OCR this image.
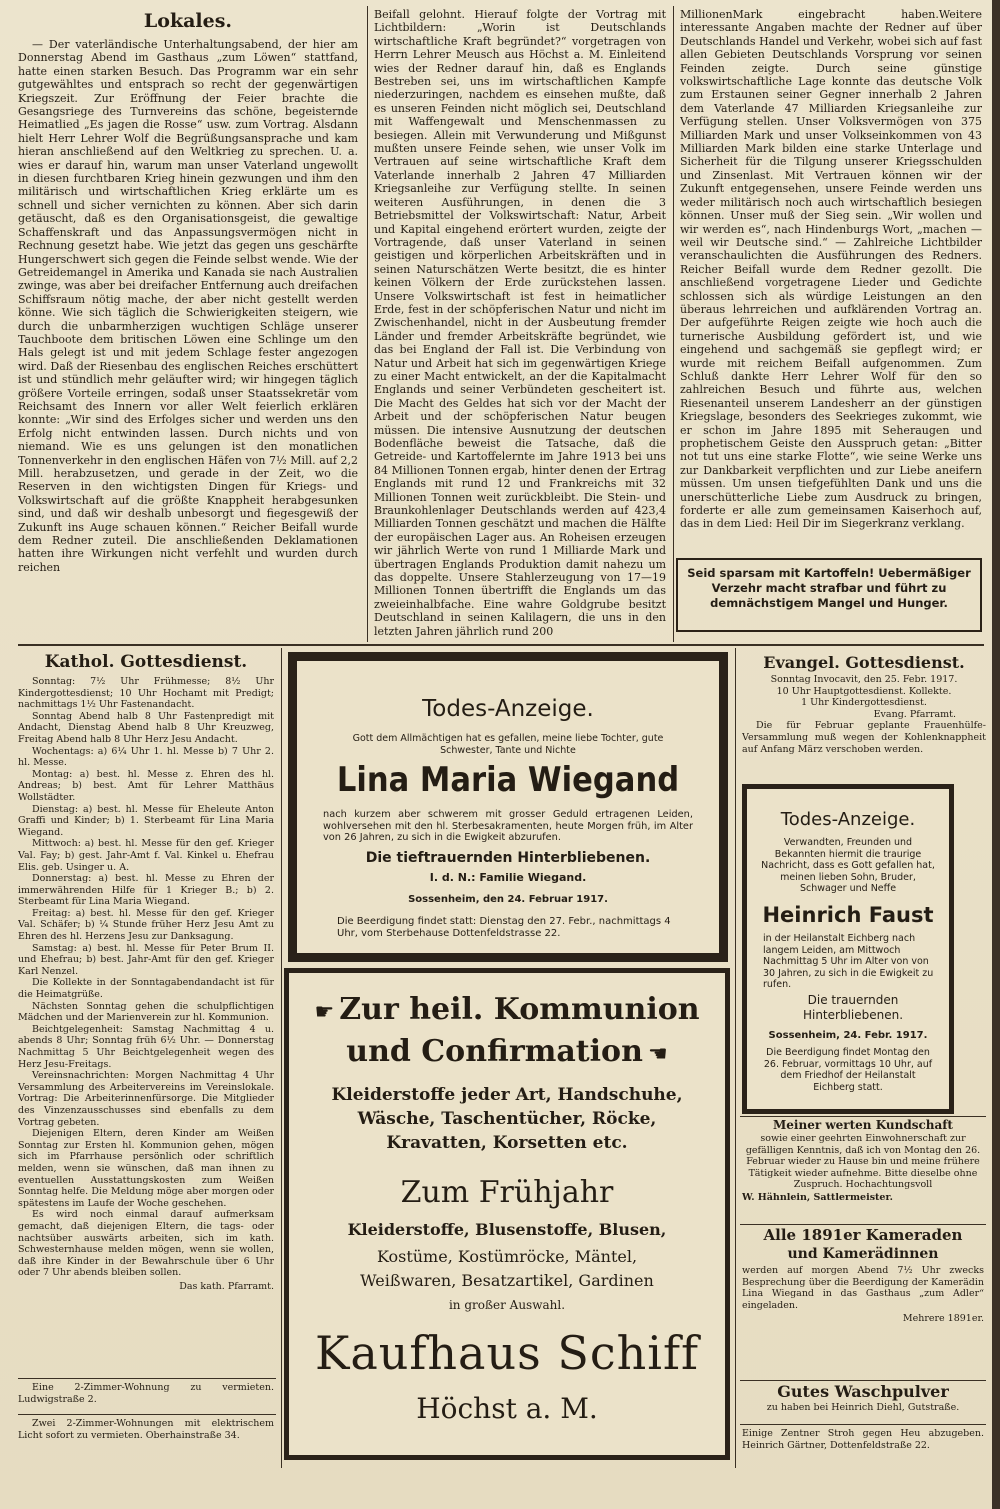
Lokales.

— Der vaterländische Unterhaltungsabend, der hier am Donnerstag Abend im Gasthaus „zum Löwen“ stattfand, hatte einen starken Besuch. Das Programm war ein sehr gutgewähltes und entsprach so recht der gegenwärtigen Kriegszeit. Zur Eröffnung der Feier brachte die Gesangsriege des Turnvereins das schöne, begeisternde Heimatlied „Es jagen die Rosse“ usw. zum Vortrag. Alsdann hielt Herr Lehrer Wolf die Begrüßungsansprache und kam hieran anschließend auf den Weltkrieg zu sprechen. U. a. wies er darauf hin, warum man unser Vaterland ungewollt in diesen furchtbaren Krieg hinein gezwungen und ihm den militärisch und wirtschaftlichen Krieg erklärte um es schnell und sicher vernichten zu können. Aber sich darin getäuscht, daß es den Organisationsgeist, die gewaltige Schaffenskraft und das Anpassungsvermögen nicht in Rechnung gesetzt habe. Wie jetzt das gegen uns geschärfte Hungerschwert sich gegen die Feinde selbst wende. Wie der Getreidemangel in Amerika und Kanada sie nach Australien zwinge, was aber bei dreifacher Entfernung auch dreifachen Schiffsraum nötig mache, der aber nicht gestellt werden könne. Wie sich täglich die Schwierigkeiten steigern, wie durch die unbarmherzigen wuchtigen Schläge unserer Tauchboote dem britischen Löwen eine Schlinge um den Hals gelegt ist und mit jedem Schlage fester angezogen wird. Daß der Riesenbau des englischen Reiches erschüttert ist und stündlich mehr geläufter wird; wir hingegen täglich größere Vorteile erringen, sodaß unser Staatssekretär vom Reichsamt des Innern vor aller Welt feierlich erklären konnte: „Wir sind des Erfolges sicher und werden uns den Erfolg nicht entwinden lassen. Durch nichts und von niemand. Wie es uns gelungen ist den monatlichen Tonnenverkehr in den englischen Häfen von 7½ Mill. auf 2,2 Mill. herabzusetzen, und gerade in der Zeit, wo die Reserven in den wichtigsten Dingen für Kriegs- und Volkswirtschaft auf die größte Knappheit herabgesunken sind, und daß wir deshalb unbesorgt und fiegesgewiß der Zukunft ins Auge schauen können.“ Reicher Beifall wurde dem Redner zuteil. Die anschließenden Deklamationen hatten ihre Wirkungen nicht verfehlt und wurden durch reichen

Beifall gelohnt. Hierauf folgte der Vortrag mit Lichtbildern: „Worin ist Deutschlands wirtschaftliche Kraft begründet?“ vorgetragen von Herrn Lehrer Meusch aus Höchst a. M. Einleitend wies der Redner darauf hin, daß es Englands Bestreben sei, uns im wirtschaftlichen Kampfe niederzuringen, nachdem es einsehen mußte, daß es unseren Feinden nicht möglich sei, Deutschland mit Waffengewalt und Menschenmassen zu besiegen. Allein mit Verwunderung und Mißgunst mußten unsere Feinde sehen, wie unser Volk im Vertrauen auf seine wirtschaftliche Kraft dem Vaterlande innerhalb 2 Jahren 47 Milliarden Kriegsanleihe zur Verfügung stellte. In seinen weiteren Ausführungen, in denen die 3 Betriebsmittel der Volkswirtschaft: Natur, Arbeit und Kapital eingehend erörtert wurden, zeigte der Vortragende, daß unser Vaterland in seinen geistigen und körperlichen Arbeitskräften und in seinen Naturschätzen Werte besitzt, die es hinter keinen Völkern der Erde zurückstehen lassen. Unsere Volkswirtschaft ist fest in heimatlicher Erde, fest in der schöpferischen Natur und nicht im Zwischenhandel, nicht in der Ausbeutung fremder Länder und fremder Arbeitskräfte begründet, wie das bei England der Fall ist. Die Verbindung von Natur und Arbeit hat sich im gegenwärtigen Kriege zu einer Macht entwickelt, an der die Kapitalmacht Englands und seiner Verbündeten gescheitert ist. Die Macht des Geldes hat sich vor der Macht der Arbeit und der schöpferischen Natur beugen müssen. Die intensive Ausnutzung der deutschen Bodenfläche beweist die Tatsache, daß die Getreide- und Kartoffelernte im Jahre 1913 bei uns 84 Millionen Tonnen ergab, hinter denen der Ertrag Englands mit rund 12 und Frankreichs mit 32 Millionen Tonnen weit zurückbleibt. Die Stein- und Braunkohlenlager Deutschlands werden auf 423,4 Milliarden Tonnen geschätzt und machen die Hälfte der europäischen Lager aus. An Roheisen erzeugen wir jährlich Werte von rund 1 Milliarde Mark und übertragen Englands Produktion damit nahezu um das doppelte. Unsere Stahlerzeugung von 17—19 Millionen Tonnen übertrifft die Englands um das zweieinhalbfache. Eine wahre Goldgrube besitzt Deutschland in seinen Kalilagern, die uns in den letzten Jahren jährlich rund 200

MillionenMark eingebracht haben.Weitere interessante Angaben machte der Redner auf über Deutschlands Handel und Verkehr, wobei sich auf fast allen Gebieten Deutschlands Vorsprung vor seinen Feinden zeigte. Durch seine günstige volkswirtschaftliche Lage konnte das deutsche Volk zum Erstaunen seiner Gegner innerhalb 2 Jahren dem Vaterlande 47 Milliarden Kriegsanleihe zur Verfügung stellen. Unser Volksvermögen von 375 Milliarden Mark und unser Volkseinkommen von 43 Milliarden Mark bilden eine starke Unterlage und Sicherheit für die Tilgung unserer Kriegsschulden und Zinsenlast. Mit Vertrauen können wir der Zukunft entgegensehen, unsere Feinde werden uns weder militärisch noch auch wirtschaftlich besiegen können. Unser muß der Sieg sein. „Wir wollen und wir werden es“, nach Hindenburgs Wort, „machen — weil wir Deutsche sind.“ — Zahlreiche Lichtbilder veranschaulichten die Ausführungen des Redners. Reicher Beifall wurde dem Redner gezollt. Die anschließend vorgetragene Lieder und Gedichte schlossen sich als würdige Leistungen an den überaus lehrreichen und aufklärenden Vortrag an. Der aufgeführte Reigen zeigte wie hoch auch die turnerische Ausbildung gefördert ist, und wie eingehend und sachgemäß sie gepflegt wird; er wurde mit reichem Beifall aufgenommen. Zum Schluß dankte Herr Lehrer Wolf für den so zahlreichen Besuch und führte aus, welchen Riesenanteil unserem Landesherr an der günstigen Kriegslage, besonders des Seekrieges zukommt, wie er schon im Jahre 1895 mit Seheraugen und prophetischem Geiste den Ausspruch getan: „Bitter not tut uns eine starke Flotte“, wie seine Werke uns zur Dankbarkeit verpflichten und zur Liebe aneifern müssen. Um unsen tiefgefühlten Dank und uns die unerschütterliche Liebe zum Ausdruck zu bringen, forderte er alle zum gemeinsamen Kaiserhoch auf, das in dem Lied: Heil Dir im Siegerkranz verklang.

Seid sparsam mit Kartoffeln! Uebermäßiger Verzehr macht strafbar und führt zu demnächstigem Mangel und Hunger.

Kathol. Gottesdienst.

Sonntag: 7½ Uhr Frühmesse; 8½ Uhr Kindergottesdienst; 10 Uhr Hochamt mit Predigt; nachmittags 1½ Uhr Fastenandacht.

Sonntag Abend halb 8 Uhr Fastenpredigt mit Andacht, Dienstag Abend halb 8 Uhr Kreuzweg, Freitag Abend halb 8 Uhr Herz Jesu Andacht.

Wochentags: a) 6¼ Uhr 1. hl. Messe b) 7 Uhr 2. hl. Messe.

Montag: a) best. hl. Messe z. Ehren des hl. Andreas; b) best. Amt für Lehrer Matthäus Wollstädter.

Dienstag: a) best. hl. Messe für Eheleute Anton Graffi und Kinder; b) 1. Sterbeamt für Lina Maria Wiegand.

Mittwoch: a) best. hl. Messe für den gef. Krieger Val. Fay; b) gest. Jahr-Amt f. Val. Kinkel u. Ehefrau Elis. geb. Usinger u. A.

Donnerstag: a) best. hl. Messe zu Ehren der immerwährenden Hilfe für 1 Krieger B.; b) 2. Sterbeamt für Lina Maria Wiegand.

Freitag: a) best. hl. Messe für den gef. Krieger Val. Schäfer; b) ¼ Stunde früher Herz Jesu Amt zu Ehren des hl. Herzens Jesu zur Danksagung.

Samstag: a) best. hl. Messe für Peter Brum II. und Ehefrau; b) best. Jahr-Amt für den gef. Krieger Karl Nenzel.

Die Kollekte in der Sonntagabendandacht ist für die Heimatgrüße.

Nächsten Sonntag gehen die schulpflichtigen Mädchen und der Marienverein zur hl. Kommunion.

Beichtgelegenheit: Samstag Nachmittag 4 u. abends 8 Uhr; Sonntag früh 6½ Uhr. — Donnerstag Nachmittag 5 Uhr Beichtgelegenheit wegen des Herz Jesu-Freitags.

Vereinsnachrichten: Morgen Nachmittag 4 Uhr Versammlung des Arbeitervereins im Vereinslokale. Vortrag: Die Arbeiterinnenfürsorge. Die Mitglieder des Vinzenzausschusses sind ebenfalls zu dem Vortrag gebeten.

Diejenigen Eltern, deren Kinder am Weißen Sonntag zur Ersten hl. Kommunion gehen, mögen sich im Pfarrhause persönlich oder schriftlich melden, wenn sie wünschen, daß man ihnen zu eventuellen Ausstattungskosten zum Weißen Sonntag helfe. Die Meldung möge aber morgen oder spätestens im Laufe der Woche geschehen.

Es wird noch einmal darauf aufmerksam gemacht, daß diejenigen Eltern, die tags- oder nachtsüber auswärts arbeiten, sich im kath. Schwesternhause melden mögen, wenn sie wollen, daß ihre Kinder in der Bewahrschule über 6 Uhr oder 7 Uhr abends bleiben sollen.

Das kath. Pfarramt.

Eine 2-Zimmer-Wohnung zu vermieten. Ludwigstraße 2.

Zwei 2-Zimmer-Wohnungen mit elektrischem Licht sofort zu vermieten. Oberhainstraße 34.

Todes-Anzeige.
Gott dem Allmächtigen hat es gefallen, meine liebe Tochter, gute Schwester, Tante und Nichte
Lina Maria Wiegand
nach kurzem aber schwerem mit grosser Geduld ertragenen Leiden, wohlversehen mit den hl. Sterbesakramenten, heute Morgen früh, im Alter von 26 Jahren, zu sich in die Ewigkeit abzurufen.
Die tieftrauernden Hinterbliebenen.
I. d. N.: Familie Wiegand.
Sossenheim, den 24. Februar 1917.
Die Beerdigung findet statt: Dienstag den 27. Febr., nachmittags 4 Uhr, vom Sterbehause Dottenfeldstrasse 22.
☛ Zur heil. Kommunion
und Confirmation ☛
Kleiderstoffe jeder Art, Handschuhe, Wäsche, Taschentücher, Röcke, Kravatten, Korsetten etc.
Zum Frühjahr
Kleiderstoffe, Blusenstoffe, Blusen,
Kostüme, Kostümröcke, Mäntel, Weißwaren, Besatzartikel, Gardinen
in großer Auswahl.
Kaufhaus Schiff
Höchst a. M.
Evangel. Gottesdienst.

Sonntag Invocavit, den 25. Febr. 1917.

10 Uhr Hauptgottesdienst. Kollekte.

1 Uhr Kindergottesdienst.

Evang. Pfarramt.

Die für Februar geplante Frauenhülfe-Versammlung muß wegen der Kohlenknappheit auf Anfang März verschoben werden.

Todes-Anzeige.
Verwandten, Freunden und Bekannten hiermit die traurige Nachricht, dass es Gott gefallen hat, meinen lieben Sohn, Bruder, Schwager und Neffe
Heinrich Faust
in der Heilanstalt Eichberg nach langem Leiden, am Mittwoch Nachmittag 5 Uhr im Alter von von 30 Jahren, zu sich in die Ewigkeit zu rufen.
Die trauernden Hinterbliebenen.
Sossenheim, 24. Febr. 1917.
Die Beerdigung findet Montag den 26. Februar, vormittags 10 Uhr, auf dem Friedhof der Heilanstalt Eichberg statt.

Meiner werten Kundschaft

sowie einer geehrten Einwohnerschaft zur gefälligen Kenntnis, daß ich von Montag den 26. Februar wieder zu Hause bin und meine frühere Tätigkeit wieder aufnehme. Bitte dieselbe ohne Zuspruch. Hochachtungsvoll

W. Hähnlein, Sattlermeister.

Alle 1891er Kameraden

und Kamerädinnen

werden auf morgen Abend 7½ Uhr zwecks Besprechung über die Beerdigung der Kamerädin Lina Wiegand in das Gasthaus „zum Adler“ eingeladen.

Mehrere 1891er.

Gutes Waschpulver

zu haben bei Heinrich Diehl, Gutstraße.

Einige Zentner Stroh gegen Heu abzugeben. Heinrich Gärtner, Dottenfeldstraße 22.
